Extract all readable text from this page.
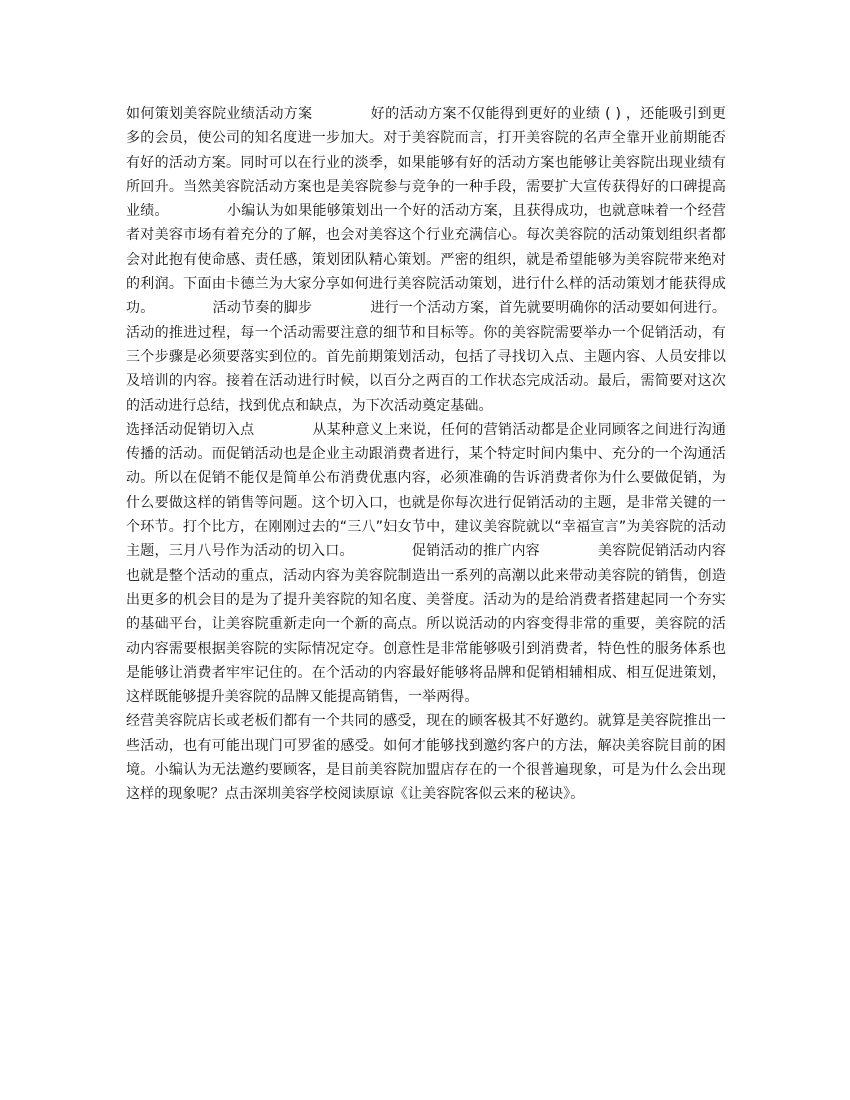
如何策划美容院业绩活动方案	好的活动方案不仅能得到更好的业绩 ( ) ，还能吸引到更多的会员，使公司的知名度进一步加大。对于美容院而言，打开美容院的名声全靠开业前期能否有好的活动方案。同时可以在行业的淡季，如果能够有好的活动方案也能够让美容院出现业绩有所回升。当然美容院活动方案也是美容院参与竞争的一种手段，需要扩大宣传获得好的口碑提高业绩。	小编认为如果能够策划出一个好的活动方案，且获得成功，也就意味着一个经营者对美容市场有着充分的了解，也会对美容这个行业充满信心。每次美容院的活动策划组织者都会对此抱有使命感、责任感，策划团队精心策划。严密的组织，就是希望能够为美容院带来绝对的利润。下面由卡德兰为大家分享如何进行美容院活动策划，进行什么样的活动策划才能获得成功。	活动节奏的脚步	进行一个活动方案，首先就要明确你的活动要如何进行。活动的推进过程，每一个活动需要注意的细节和目标等。你的美容院需要举办一个促销活动，有三个步骤是必须要落实到位的。首先前期策划活动，包括了寻找切入点、主题内容、人员安排以及培训的内容。接着在活动进行时候，以百分之两百的工作状态完成活动。最后，需简要对这次的活动进行总结，找到优点和缺点，为下次活动奠定基础。

选择活动促销切入点	从某种意义上来说，任何的营销活动都是企业同顾客之间进行沟通传播的活动。而促销活动也是企业主动跟消费者进行，某个特定时间内集中、充分的一个沟通活动。所以在促销不能仅是简单公布消费优惠内容，必须准确的告诉消费者你为什么要做促销，为什么要做这样的销售等问题。这个切入口，也就是你每次进行促销活动的主题，是非常关键的一个环节。打个比方，在刚刚过去的“三八”妇女节中，建议美容院就以“幸福宣言”为美容院的活动主题，三月八号作为活动的切入口。	促销活动的推广内容	美容院促销活动内容也就是整个活动的重点，活动内容为美容院制造出一系列的高潮以此来带动美容院的销售，创造出更多的机会目的是为了提升美容院的知名度、美誉度。活动为的是给消费者搭建起同一个夯实的基础平台，让美容院重新走向一个新的高点。所以说活动的内容变得非常的重要，美容院的活动内容需要根据美容院的实际情况定夺。创意性是非常能够吸引到消费者，特色性的服务体系也是能够让消费者牢牢记住的。在个活动的内容最好能够将品牌和促销相辅相成、相互促进策划，这样既能够提升美容院的品牌又能提高销售，一举两得。

经营美容院店长或老板们都有一个共同的感受，现在的顾客极其不好邀约。就算是美容院推出一些活动，也有可能出现门可罗雀的感受。如何才能够找到邀约客户的方法，解决美容院目前的困境。小编认为无法邀约要顾客，是目前美容院加盟店存在的一个很普遍现象，可是为什么会出现这样的现象呢？点击深圳美容学校阅读原谅《让美容院客似云来的秘诀》。
